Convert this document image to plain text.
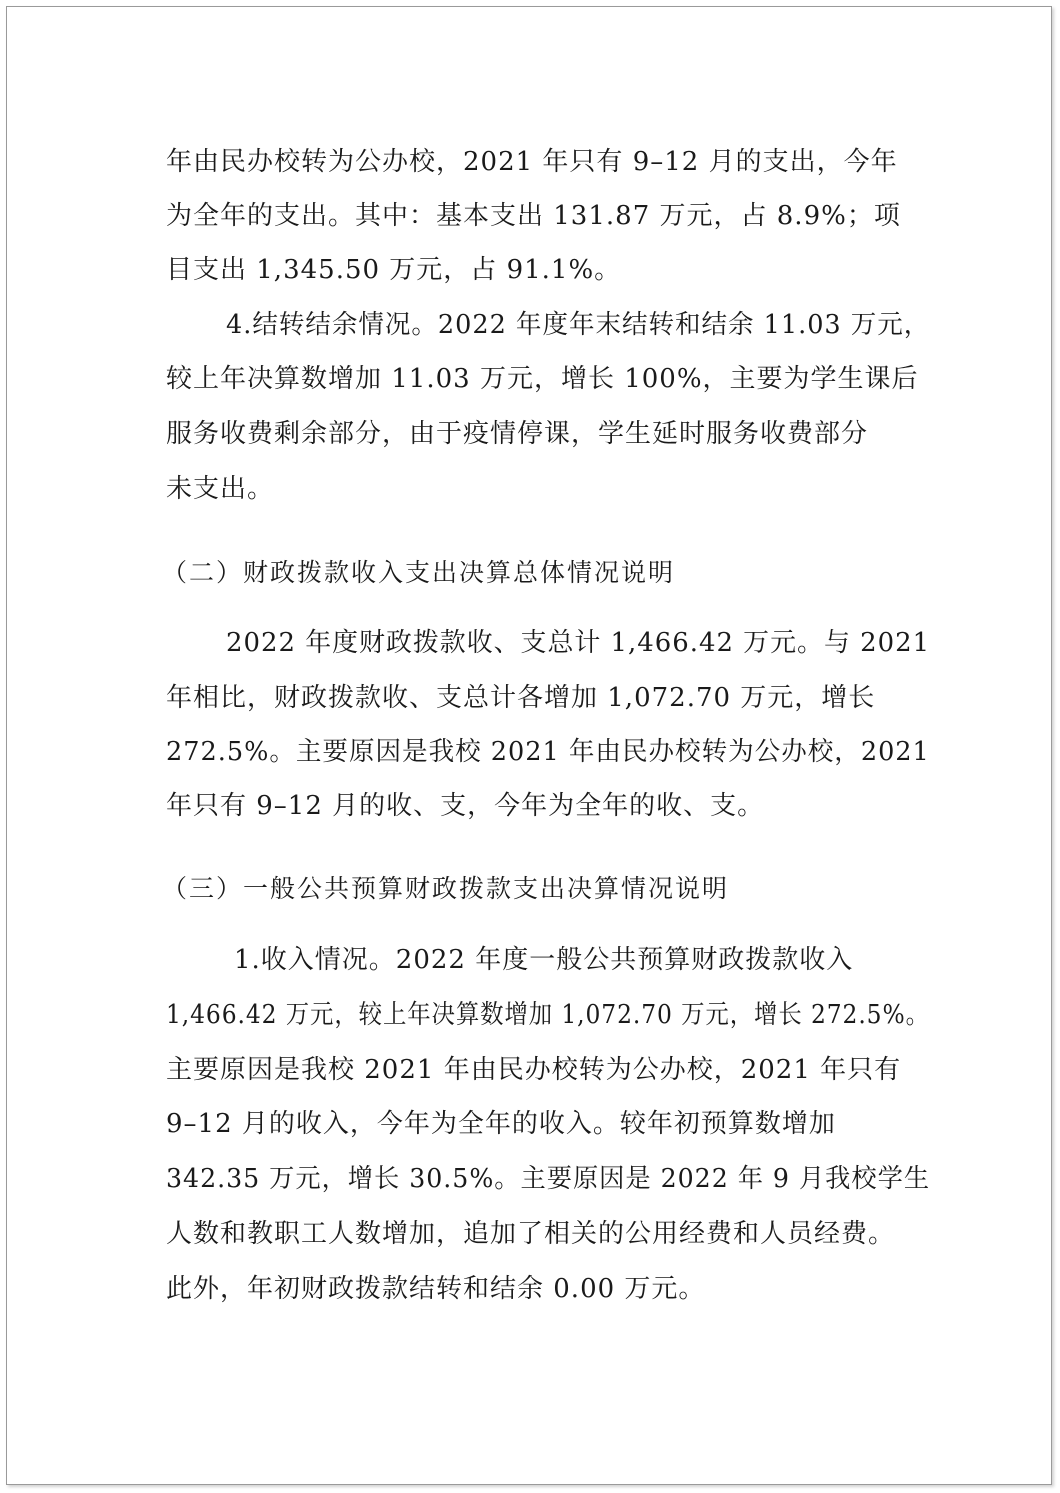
年由民办校转为公办校，2021 年只有 9–12 月的支出，今年
为全年的支出。其中：基本支出 131.87 万元，占 8.9%；项
目支出 1,345.50 万元，占 91.1%。
4.结转结余情况。2022 年度年末结转和结余 11.03 万元，
较上年决算数增加 11.03 万元，增长 100%，主要为学生课后
服务收费剩余部分，由于疫情停课，学生延时服务收费部分
未支出。
（二）财政拨款收入支出决算总体情况说明
2022 年度财政拨款收、支总计 1,466.42 万元。与 2021
年相比，财政拨款收、支总计各增加 1,072.70 万元，增长
272.5%。主要原因是我校 2021 年由民办校转为公办校，2021
年只有 9–12 月的收、支，今年为全年的收、支。
（三）一般公共预算财政拨款支出决算情况说明
1.收入情况。2022 年度一般公共预算财政拨款收入
1,466.42 万元，较上年决算数增加 1,072.70 万元，增长 272.5%。
主要原因是我校 2021 年由民办校转为公办校，2021 年只有
9–12 月的收入，今年为全年的收入。较年初预算数增加
342.35 万元，增长 30.5%。主要原因是 2022 年 9 月我校学生
人数和教职工人数增加，追加了相关的公用经费和人员经费。
此外，年初财政拨款结转和结余 0.00 万元。
